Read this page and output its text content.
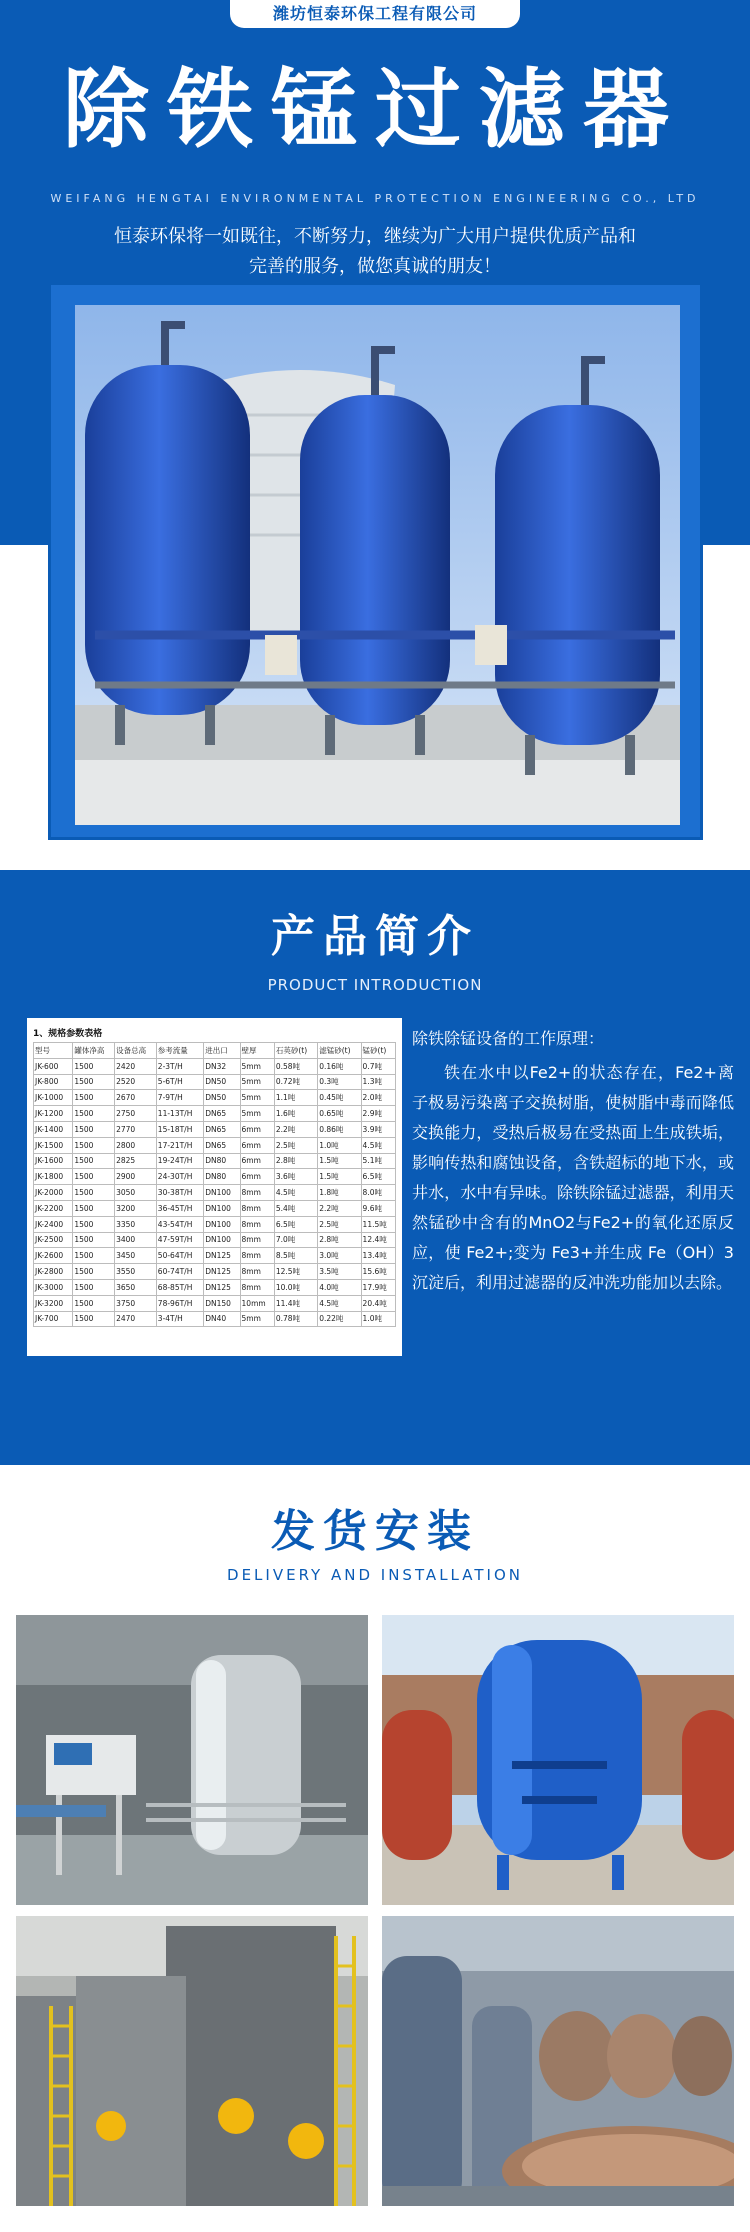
潍坊恒泰环保工程有限公司
除铁锰过滤器
WEIFANG HENGTAI ENVIRONMENTAL PROTECTION ENGINEERING CO., LTD
恒泰环保将一如既往，不断努力，继续为广大用户提供优质产品和
完善的服务，做您真诚的朋友！
产品简介
PRODUCT INTRODUCTION
1、规格参数表格
型号	罐体净高	设备总高	参考流量	进出口	壁厚	石英砂(t)	滤锰砂(t)	锰砂(t)
JK-600	1500	2420	2-3T/H	DN32	5mm	0.58吨	0.16吨	0.7吨
JK-800	1500	2520	5-6T/H	DN50	5mm	0.72吨	0.3吨	1.3吨
JK-1000	1500	2670	7-9T/H	DN50	5mm	1.1吨	0.45吨	2.0吨
JK-1200	1500	2750	11-13T/H	DN65	5mm	1.6吨	0.65吨	2.9吨
JK-1400	1500	2770	15-18T/H	DN65	6mm	2.2吨	0.86吨	3.9吨
JK-1500	1500	2800	17-21T/H	DN65	6mm	2.5吨	1.0吨	4.5吨
JK-1600	1500	2825	19-24T/H	DN80	6mm	2.8吨	1.5吨	5.1吨
JK-1800	1500	2900	24-30T/H	DN80	6mm	3.6吨	1.5吨	6.5吨
JK-2000	1500	3050	30-38T/H	DN100	8mm	4.5吨	1.8吨	8.0吨
JK-2200	1500	3200	36-45T/H	DN100	8mm	5.4吨	2.2吨	9.6吨
JK-2400	1500	3350	43-54T/H	DN100	8mm	6.5吨	2.5吨	11.5吨
JK-2500	1500	3400	47-59T/H	DN100	8mm	7.0吨	2.8吨	12.4吨
JK-2600	1500	3450	50-64T/H	DN125	8mm	8.5吨	3.0吨	13.4吨
JK-2800	1500	3550	60-74T/H	DN125	8mm	12.5吨	3.5吨	15.6吨
JK-3000	1500	3650	68-85T/H	DN125	8mm	10.0吨	4.0吨	17.9吨
JK-3200	1500	3750	78-96T/H	DN150	10mm	11.4吨	4.5吨	20.4吨
JK-700	1500	2470	3-4T/H	DN40	5mm	0.78吨	0.22吨	1.0吨

除铁除锰设备的工作原理：

铁在水中以Fe2+的状态存在，Fe2+离子极易污染离子交换树脂，使树脂中毒而降低交换能力，受热后极易在受热面上生成铁垢，影响传热和腐蚀设备，含铁超标的地下水，或井水，水中有异味。除铁除锰过滤器，利用天然锰砂中含有的MnO2与Fe2+的氧化还原反应，使 Fe2+;变为 Fe3+并生成 Fe（OH）3沉淀后，利用过滤器的反冲洗功能加以去除。

发货安装
DELIVERY AND INSTALLATION
